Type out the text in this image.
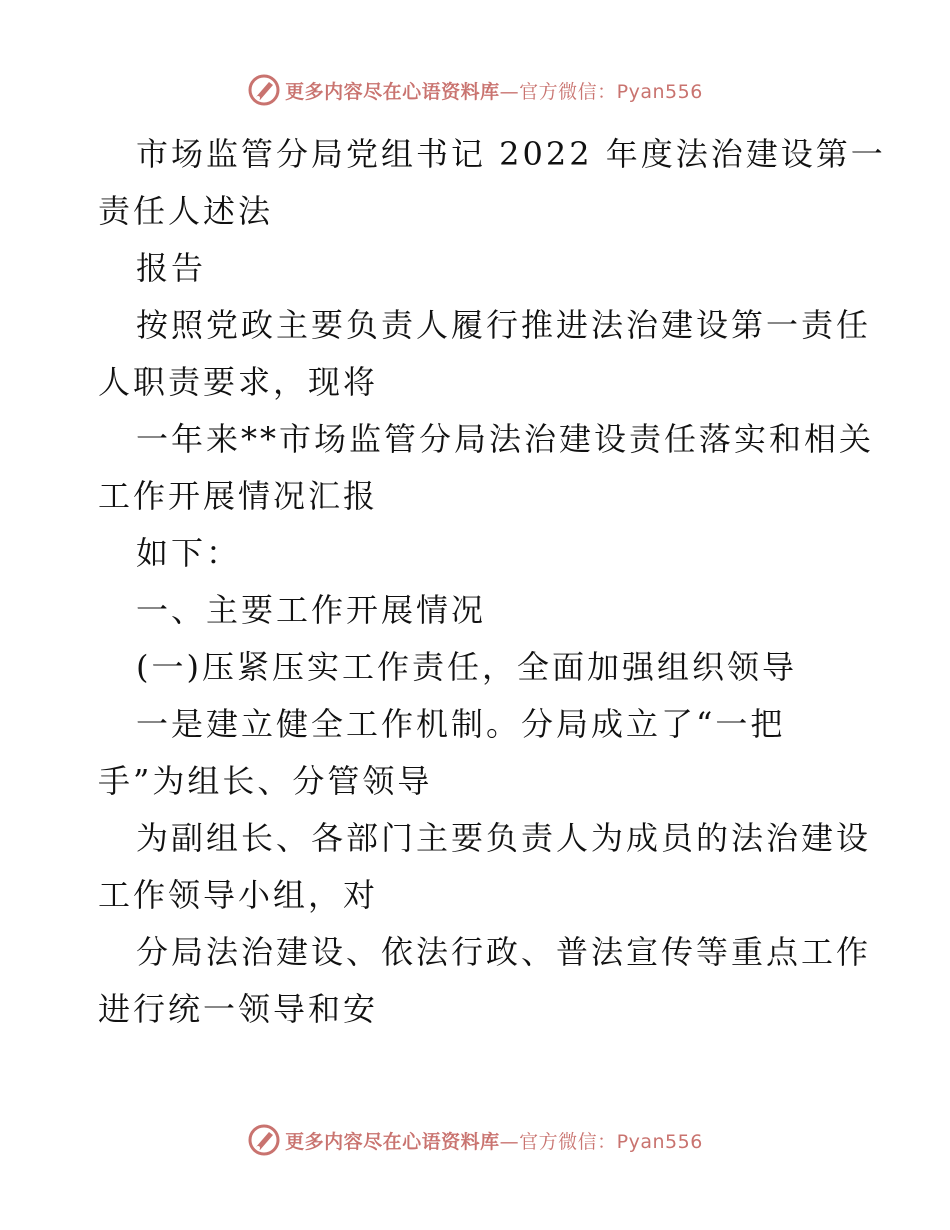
更多内容尽在心语资料库—官方微信：Pyan556
市场监管分局党组书记 2022 年度法治建设第一
责任人述法
报告
按照党政主要负责人履行推进法治建设第一责任
人职责要求，现将
一年来**市场监管分局法治建设责任落实和相关
工作开展情况汇报
如下：
一、主要工作开展情况
(一)压紧压实工作责任，全面加强组织领导
一是建立健全工作机制。分局成立了“一把
手”为组长、分管领导
为副组长、各部门主要负责人为成员的法治建设
工作领导小组，对
分局法治建设、依法行政、普法宣传等重点工作
进行统一领导和安
更多内容尽在心语资料库—官方微信：Pyan556
